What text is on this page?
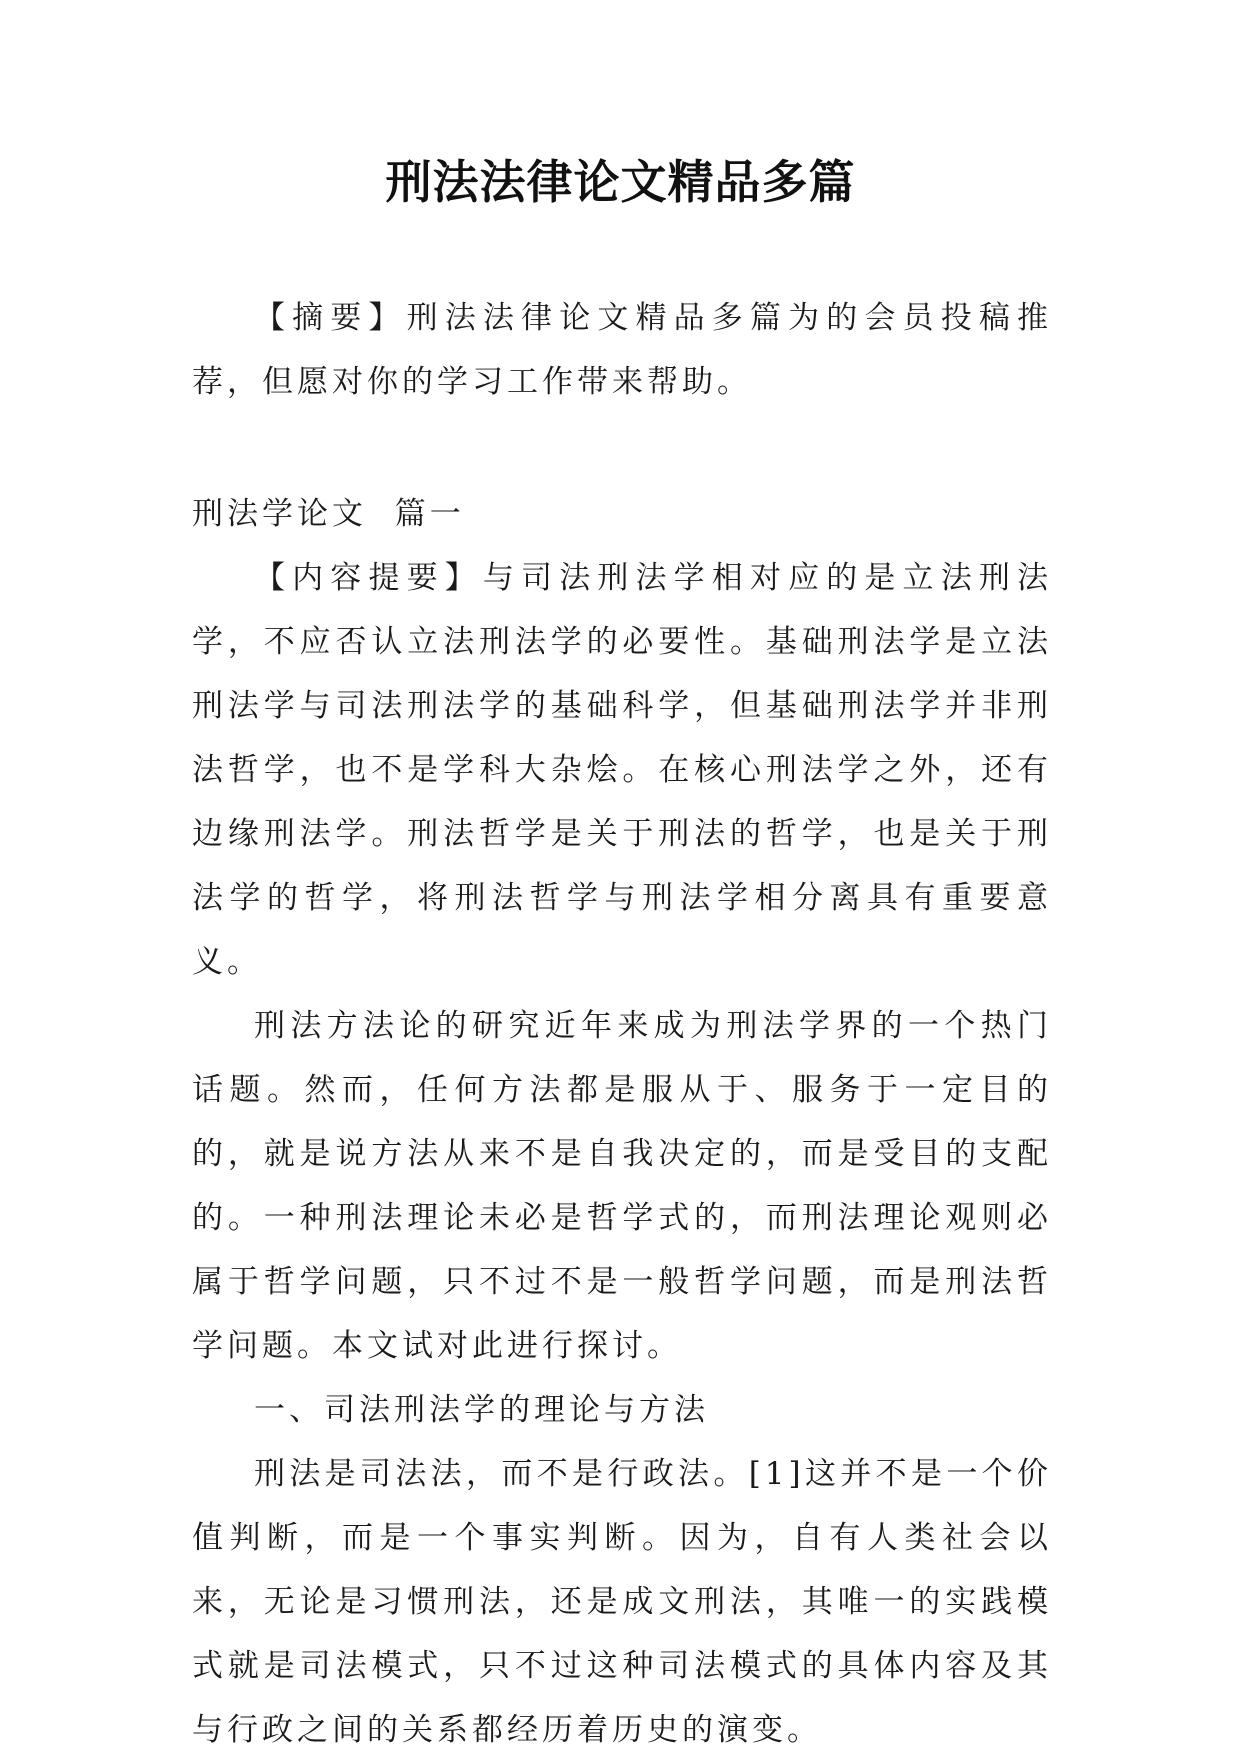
刑法法律论文精品多篇

【摘要】刑法法律论文精品多篇为的会员投稿推荐，但愿对你的学习工作带来帮助。

刑法学论文  篇一

【内容提要】与司法刑法学相对应的是立法刑法学，不应否认立法刑法学的必要性。基础刑法学是立法刑法学与司法刑法学的基础科学，但基础刑法学并非刑法哲学，也不是学科大杂烩。在核心刑法学之外，还有边缘刑法学。刑法哲学是关于刑法的哲学，也是关于刑法学的哲学，将刑法哲学与刑法学相分离具有重要意义。

刑法方法论的研究近年来成为刑法学界的一个热门话题。然而，任何方法都是服从于、服务于一定目的的，就是说方法从来不是自我决定的，而是受目的支配的。一种刑法理论未必是哲学式的，而刑法理论观则必属于哲学问题，只不过不是一般哲学问题，而是刑法哲学问题。本文试对此进行探讨。

一、司法刑法学的理论与方法

刑法是司法法，而不是行政法。[1]这并不是一个价值判断，而是一个事实判断。因为，自有人类社会以来，无论是习惯刑法，还是成文刑法，其唯一的实践模式就是司法模式，只不过这种司法模式的具体内容及其与行政之间的关系都经历着历史的演变。
